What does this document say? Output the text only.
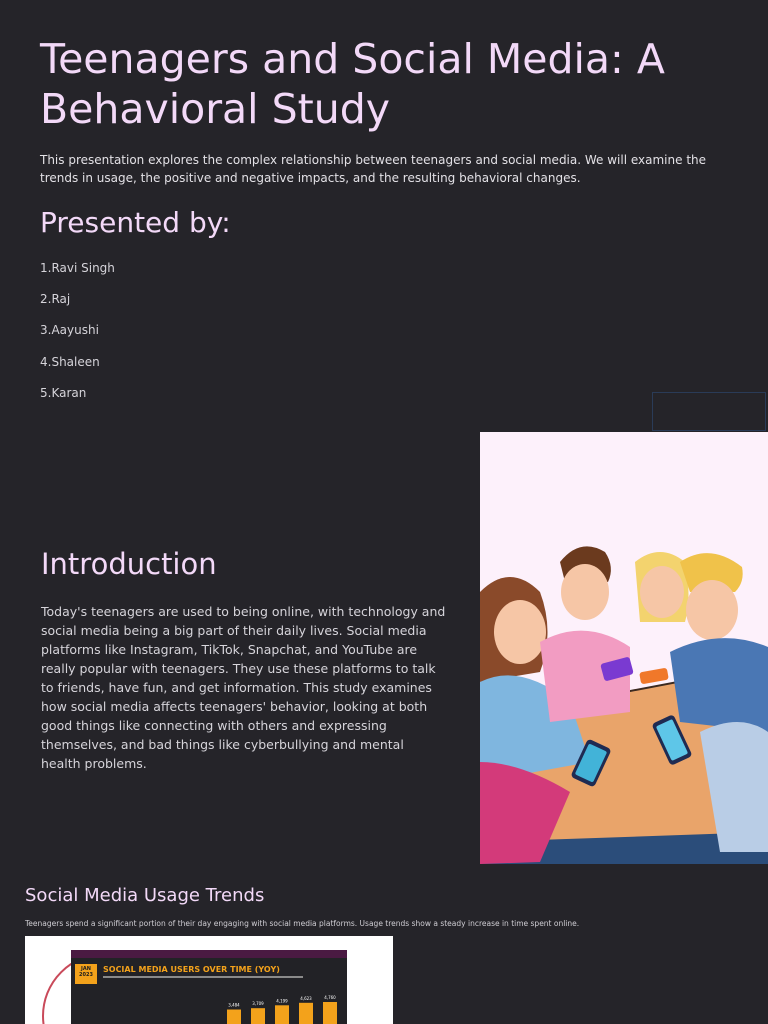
Teenagers and Social Media: A Behavioral Study

This presentation explores the complex relationship between teenagers and social media. We will examine the trends in usage, the positive and negative impacts, and the resulting behavioral changes.

Presented by:
1.Ravi Singh
2.Raj
3.Aayushi
4.Shaleen
5.Karan
Introduction

Today's teenagers are used to being online, with technology and social media being a big part of their daily lives. Social media platforms like Instagram, TikTok, Snapchat, and YouTube are really popular with teenagers. They use these platforms to talk to friends, have fun, and get information. This study examines how social media affects teenagers' behavior, looking at both good things like connecting with others and expressing themselves, and bad things like cyberbullying and mental health problems.

Social Media Usage Trends

Teenagers spend a significant portion of their day engaging with social media platforms. Usage trends show a steady increase in time spent online.

JAN 2023
SOCIAL MEDIA USERS OVER TIME (YOY)
3,484	3,709
4,199	4,623	4,760
